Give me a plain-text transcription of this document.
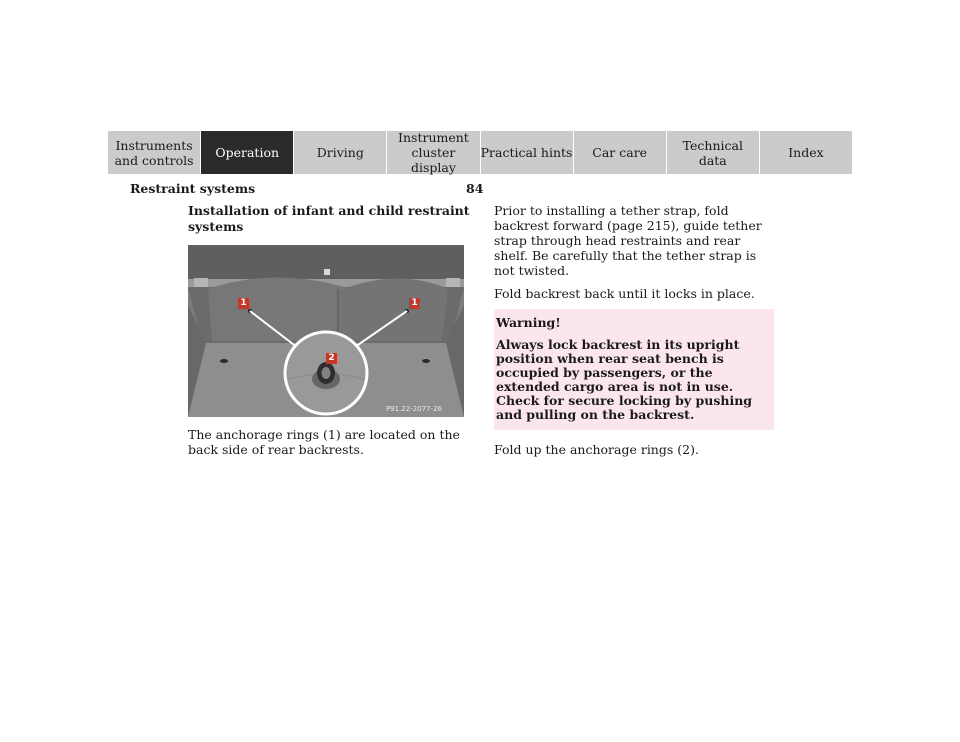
Instruments
and controls Operation	Driving
Instrument
cluster display
Practical hints Car care	Technical
data	Index
Restraint systems	84

Installation of infant and child restraint systems

1	1
2
P91.22-2077-26

The anchorage rings (1) are located on the back side of rear backrests.

Prior to installing a tether strap, fold backrest forward (page 215), guide tether strap through head restraints and rear shelf. Be carefully that the tether strap is not twisted.

Fold backrest back until it locks in place.

Warning!

Always lock backrest in its upright position when rear seat bench is occupied by passengers, or the extended cargo area is not in use. Check for secure locking by pushing and pulling on the backrest.

Fold up the anchorage rings (2).
